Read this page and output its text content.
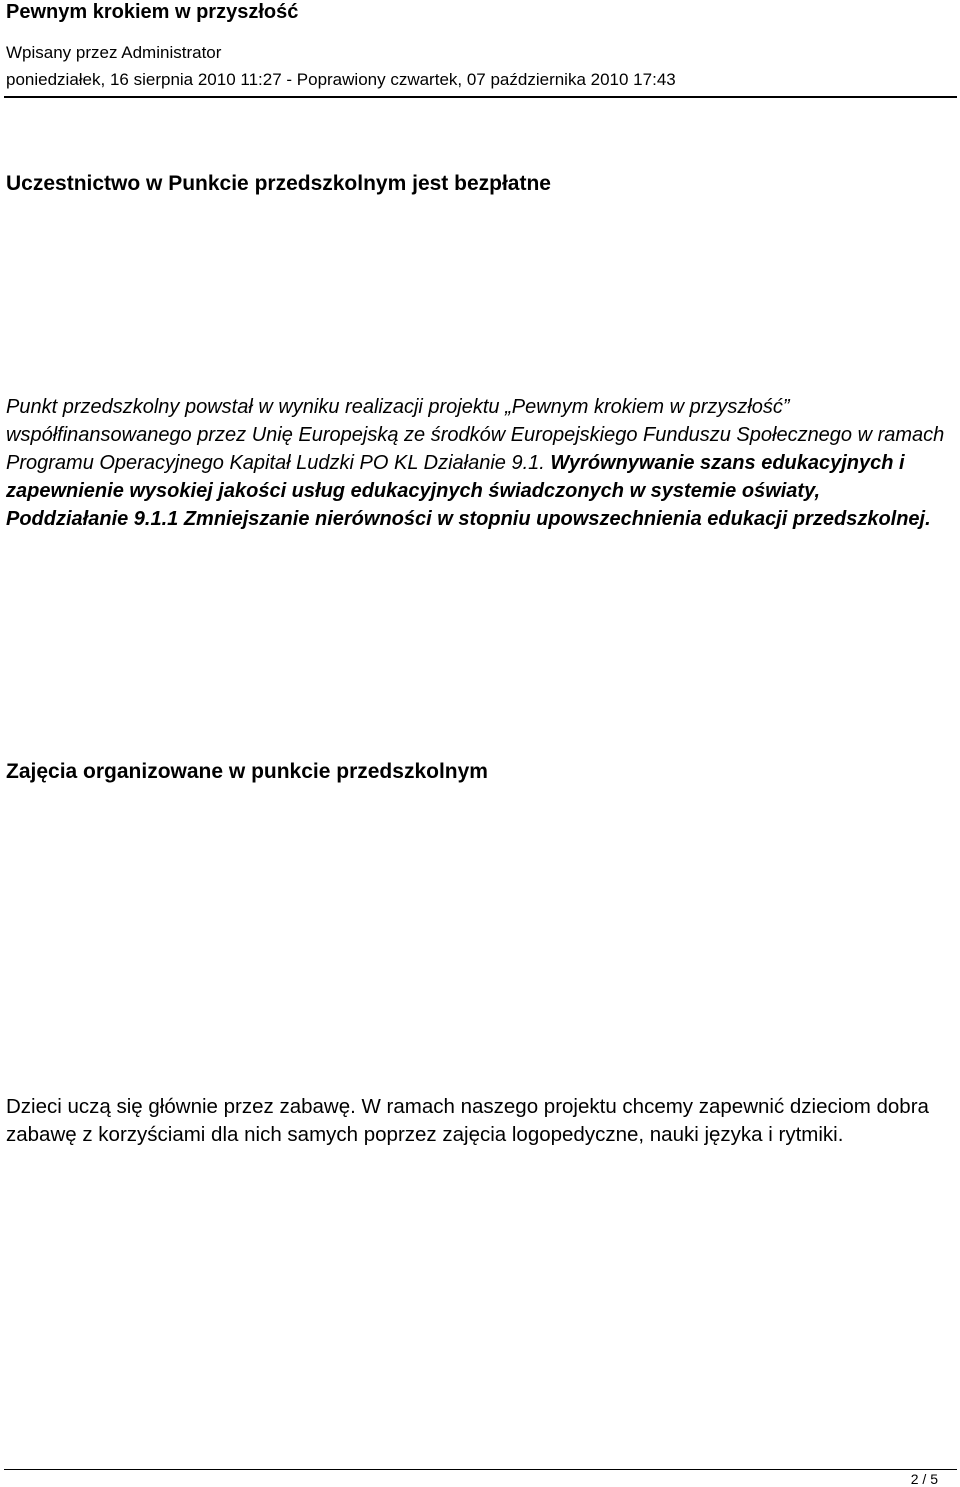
Pewnym krokiem w przyszłość
Wpisany przez Administrator
poniedziałek, 16 sierpnia 2010 11:27 - Poprawiony czwartek, 07 października 2010 17:43
Uczestnictwo w Punkcie przedszkolnym jest bezpłatne
Punkt przedszkolny powstał w wyniku realizacji projektu „Pewnym krokiem w przyszłość” współfinansowanego przez Unię Europejską ze środków Europejskiego Funduszu Społecznego w ramach Programu Operacyjnego Kapitał Ludzki PO KL Działanie 9.1. Wyrównywanie szans edukacyjnych i zapewnienie wysokiej jakości usług edukacyjnych świadczonych w systemie oświaty, Poddziałanie 9.1.1 Zmniejszanie nierówności w stopniu upowszechnienia edukacji przedszkolnej.
Zajęcia organizowane w punkcie przedszkolnym
Dzieci uczą się głównie przez zabawę. W ramach naszego projektu chcemy zapewnić dzieciom dobra zabawę z korzyściami dla nich samych poprzez zajęcia logopedyczne, nauki języka i rytmiki.
2 / 5
